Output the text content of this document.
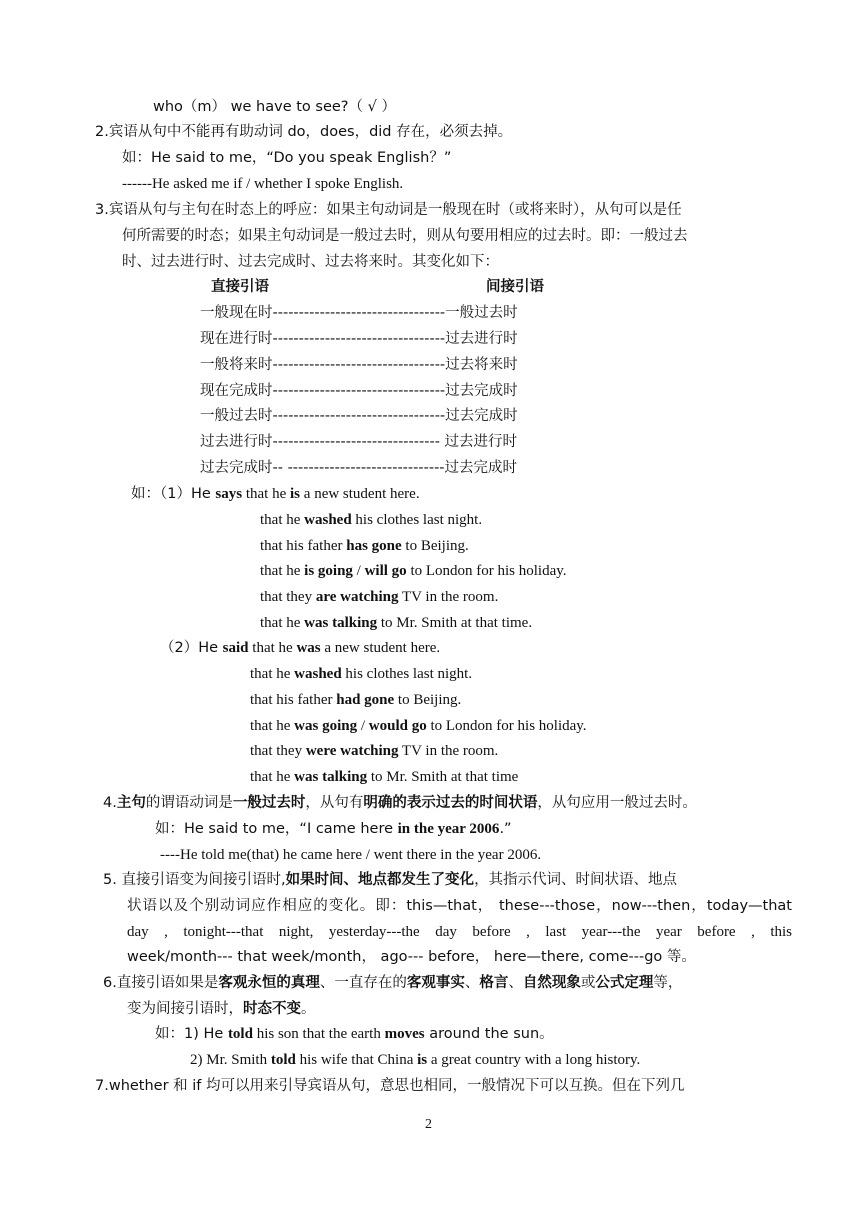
who（m） we have to see?（ √ ）
2.宾语从句中不能再有助动词 do，does，did 存在，必须去掉。
如：He said to me，“Do you speak English？”
------He asked me if / whether I spoke English.
3.宾语从句与主句在时态上的呼应：如果主句动词是一般现在时（或将来时），从句可以是任
何所需要的时态；如果主句动词是一般过去时，则从句要用相应的过去时。即：一般过去
时、过去进行时、过去完成时、过去将来时。其变化如下：
直接引语	间接引语
一般现在时---------------------------------一般过去时
现在进行时---------------------------------过去进行时
一般将来时---------------------------------过去将来时
现在完成时---------------------------------过去完成时
一般过去时---------------------------------过去完成时
过去进行时-------------------------------- 过去进行时
过去完成时-- ------------------------------过去完成时
如：（1）He says that he is a new student here.
that he washed his clothes last night.
that his father has gone to Beijing.
that he is going / will go to London for his holiday.
that they are watching TV in the room.
that he was talking to Mr. Smith at that time.
（2）He said that he was a new student here.
that he washed his clothes last night.
that his father had gone to Beijing.
that he was going / would go to London for his holiday.
that they were watching TV in the room.
that he was talking to Mr. Smith at that time
4.主句的谓语动词是一般过去时，从句有明确的表示过去的时间状语，从句应用一般过去时。
如：He said to me，“I came here in the year 2006.”
----He told me(that) he came here / went there in the year 2006.
5. 直接引语变为间接引语时,如果时间、地点都发生了变化，其指示代词、时间状语、地点
状语以及个别动词应作相应的变化。即：this—that， these---those，now---then，today—that
day , tonight---that night, yesterday---the day before , last year---the year before , this
week/month--- that week/month， ago--- before， here—there, come---go 等。
6.直接引语如果是客观永恒的真理、一直存在的客观事实、格言、自然现象或公式定理等，
变为间接引语时，时态不变。
如：1) He told his son that the earth moves around the sun。
2) Mr. Smith told his wife that China is a great country with a long history.
7.whether 和 if 均可以用来引导宾语从句，意思也相同，一般情况下可以互换。但在下列几
2
